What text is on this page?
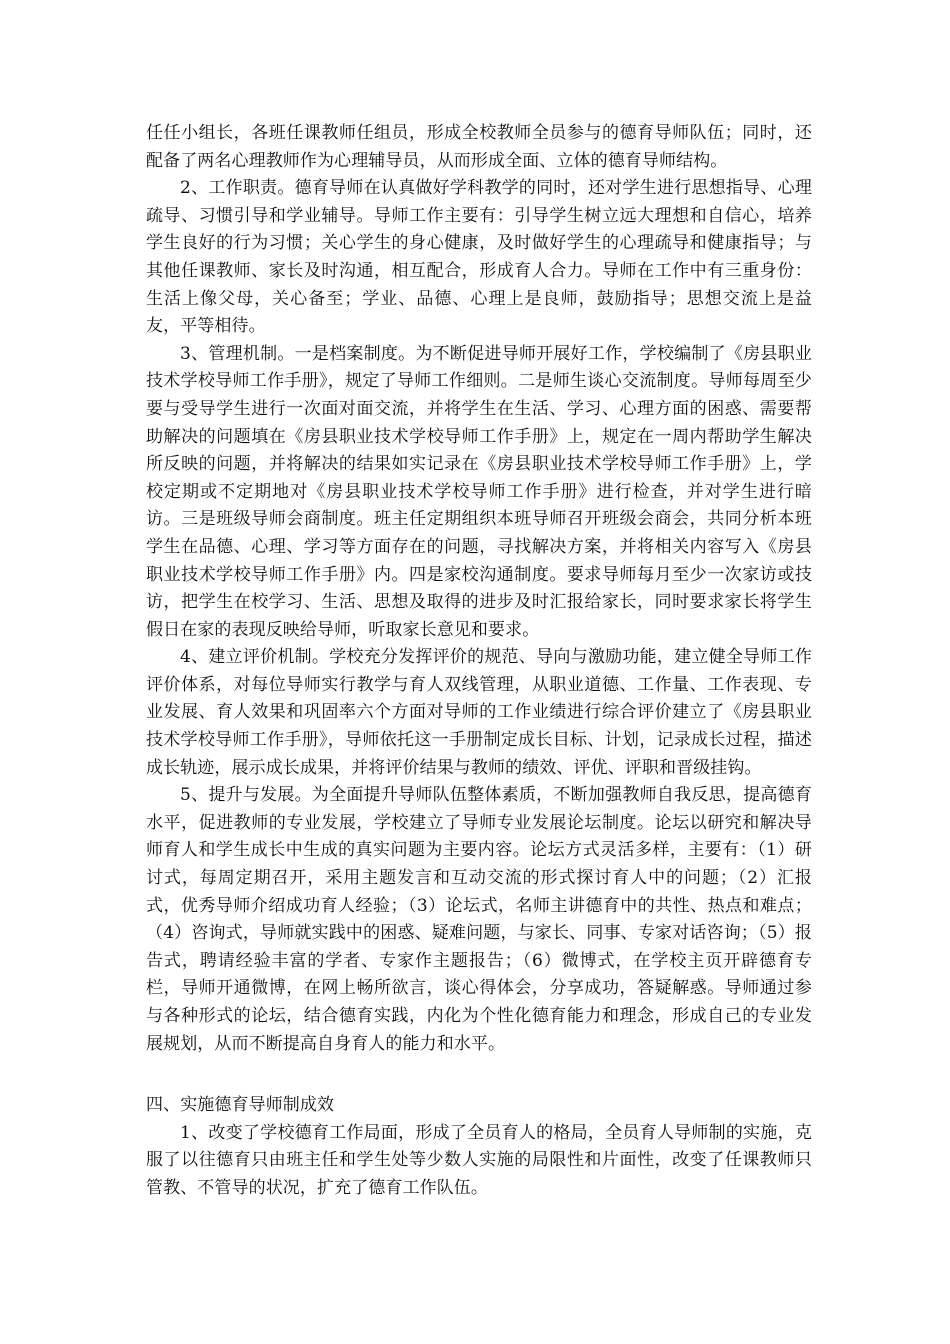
任任小组长，各班任课教师任组员，形成全校教师全员参与的德育导师队伍；同时，还配备了两名心理教师作为心理辅导员，从而形成全面、立体的德育导师结构。

2、工作职责。德育导师在认真做好学科教学的同时，还对学生进行思想指导、心理疏导、习惯引导和学业辅导。导师工作主要有：引导学生树立远大理想和自信心，培养学生良好的行为习惯；关心学生的身心健康，及时做好学生的心理疏导和健康指导；与其他任课教师、家长及时沟通，相互配合，形成育人合力。导师在工作中有三重身份：生活上像父母，关心备至；学业、品德、心理上是良师，鼓励指导；思想交流上是益友，平等相待。

3、管理机制。一是档案制度。为不断促进导师开展好工作，学校编制了《房县职业技术学校导师工作手册》，规定了导师工作细则。二是师生谈心交流制度。导师每周至少要与受导学生进行一次面对面交流，并将学生在生活、学习、心理方面的困惑、需要帮助解决的问题填在《房县职业技术学校导师工作手册》上，规定在一周内帮助学生解决所反映的问题，并将解决的结果如实记录在《房县职业技术学校导师工作手册》上，学校定期或不定期地对《房县职业技术学校导师工作手册》进行检查，并对学生进行暗访。三是班级导师会商制度。班主任定期组织本班导师召开班级会商会，共同分析本班学生在品德、心理、学习等方面存在的问题，寻找解决方案，并将相关内容写入《房县职业技术学校导师工作手册》内。四是家校沟通制度。要求导师每月至少一次家访或技访，把学生在校学习、生活、思想及取得的进步及时汇报给家长，同时要求家长将学生假日在家的表现反映给导师，听取家长意见和要求。

4、建立评价机制。学校充分发挥评价的规范、导向与激励功能，建立健全导师工作评价体系，对每位导师实行教学与育人双线管理，从职业道德、工作量、工作表现、专业发展、育人效果和巩固率六个方面对导师的工作业绩进行综合评价建立了《房县职业技术学校导师工作手册》，导师依托这一手册制定成长目标、计划，记录成长过程，描述成长轨迹，展示成长成果，并将评价结果与教师的绩效、评优、评职和晋级挂钩。

5、提升与发展。为全面提升导师队伍整体素质，不断加强教师自我反思，提高德育水平，促进教师的专业发展，学校建立了导师专业发展论坛制度。论坛以研究和解决导师育人和学生成长中生成的真实问题为主要内容。论坛方式灵活多样，主要有：（1）研讨式，每周定期召开，采用主题发言和互动交流的形式探讨育人中的问题；（2）汇报式，优秀导师介绍成功育人经验；（3）论坛式，名师主讲德育中的共性、热点和难点；（4）咨询式，导师就实践中的困惑、疑难问题，与家长、同事、专家对话咨询；（5）报告式，聘请经验丰富的学者、专家作主题报告；（6）微博式，在学校主页开辟德育专栏，导师开通微博，在网上畅所欲言，谈心得体会，分享成功，答疑解惑。导师通过参与各种形式的论坛，结合德育实践，内化为个性化德育能力和理念，形成自己的专业发展规划，从而不断提高自身育人的能力和水平。

四、实施德育导师制成效

1、改变了学校德育工作局面，形成了全员育人的格局，全员育人导师制的实施，克服了以往德育只由班主任和学生处等少数人实施的局限性和片面性，改变了任课教师只管教、不管导的状况，扩充了德育工作队伍。
